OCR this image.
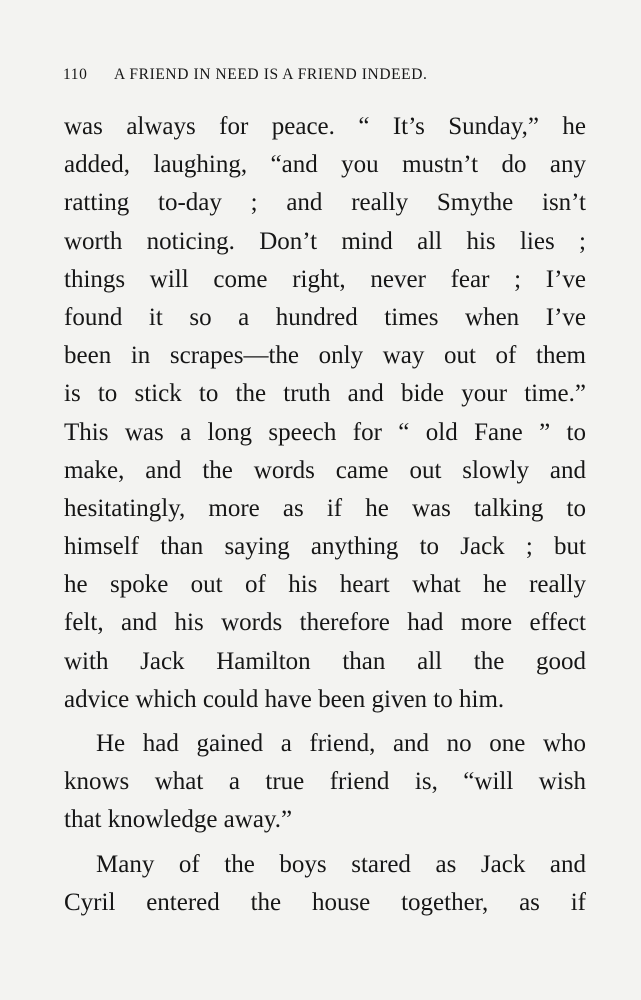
110 A FRIEND IN NEED IS A FRIEND INDEED.
was always for peace. “ It’s Sunday,” he
added, laughing, “and you mustn’t do any
ratting to-day ; and really Smythe isn’t
worth noticing. Don’t mind all his lies ;
things will come right, never fear ; I’ve
found it so a hundred times when I’ve
been in scrapes—the only way out of them
is to stick to the truth and bide your time.”
This was a long speech for “ old Fane ” to
make, and the words came out slowly and
hesitatingly, more as if he was talking to
himself than saying anything to Jack ; but
he spoke out of his heart what he really
felt, and his words therefore had more effect
with Jack Hamilton than all the good
advice which could have been given to him.
He had gained a friend, and no one who
knows what a true friend is, “will wish
that knowledge away.”
Many of the boys stared as Jack and
Cyril entered the house together, as if
